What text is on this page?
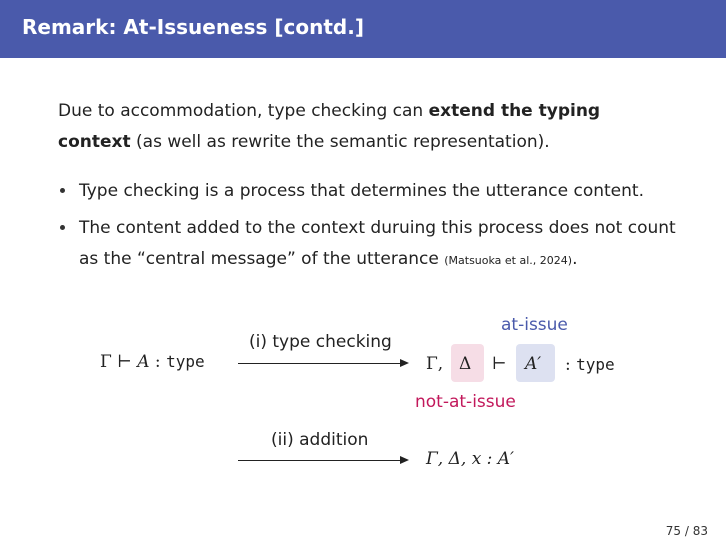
Remark: At-Issueness [contd.]
Due to accommodation, type checking can extend the typing context (as well as rewrite the semantic representation).
Type checking is a process that determines the utterance content.
The content added to the context duruing this process does not count as the “central message” of the utterance (Matsuoka et al., 2024).
Γ ⊢ A : type
(i) type checking
Γ, Δ ⊢ A′ : type
at-issue
not-at-issue
(ii) addition
Γ, Δ, x : A′
75 / 83
